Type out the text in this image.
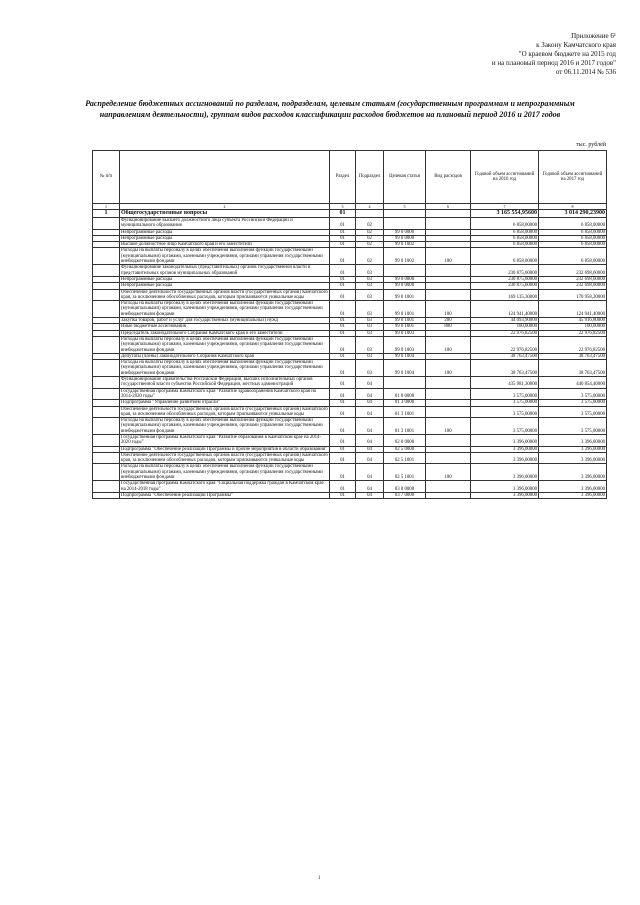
Приложение 6¹
к Закону Камчатского края
"О краевом бюджете на 2015 год
и на плановый период 2016 и 2017 годов"
от 06.11.2014 № 536
Распределение бюджетных ассигнований по разделам, подразделам, целевым статьям (государственным программам и непрограммным направлениям деятельности), группам видов расходов классификации расходов бюджетов на плановый период 2016 и 2017 годов
тыс. рублей
№ п/п		Раздел	Подраздел	Целевая статья	Вид расходов	Годовой объем ассигнований на 2016 год	Годовой объем ассигнований на 2017 год
1	2	3	4	5	6	7	8
1	Общегосударственные вопросы	01				3 165 554,95600	3 014 290,23900
	Функционирование высшего должностного лица субъекта Российской Федерации и муниципального образования	01	02			6 858,00000	6 858,00000
	Непрограммные расходы	01	02	99 0 0000		6 858,00000	6 858,00000
	Непрограммные расходы	01	02	99 0 0000		6 858,00000	6 858,00000
	Высшее должностное лицо Камчатского края и его заместители	01	02	99 0 1002		6 858,00000	6 858,00000
	Расходы на выплаты персоналу в целях обеспечения выполнения функций государственными (муниципальными) органами, казенными учреждениями, органами управления государственными внебюджетными фондами	01	02	99 0 1002	100	6 858,00000	6 858,00000
	Функционирование законодательных (представительных) органов государственной власти и представительных органов муниципальных образований	01	03			230 875,60000	232 698,60000
	Непрограммные расходы	01	03	99 0 0000		230 875,60000	232 698,60000
	Непрограммные расходы	01	03	99 0 0000		230 875,60000	232 698,60000
	Обеспечение деятельности государственных органов власти (государственных органов) Камчатского края, за исключением обособленных расходов, которым присваиваются уникальные коды	01	03	99 0 1001		169 135,30000	170 958,20000
	Расходы на выплаты персоналу в целях обеспечения выполнения функций государственными (муниципальными) органами, казенными учреждениями, органами управления государственными внебюджетными фондами	01	03	99 0 1001	100	124 941,40000	124 941,40000
	Закупка товаров, работ и услуг для государственных (муниципальных) нужд	01	03	99 0 1001	200	44 093,90000	45 916,80000
	Иные бюджетные ассигнования	01	03	99 0 1001	800	100,00000	100,00000
	Председатель Законодательного Собрания Камчатского края и его заместители	01	03	99 0 1003		22 976,82500	22 976,82500
	Расходы на выплаты персоналу в целях обеспечения выполнения функций государственными (муниципальными) органами, казенными учреждениями, органами управления государственными внебюджетными фондами	01	03	99 0 1003	100	22 976,82500	22 976,82500
	Депутаты (члены) Законодательного Собрания Камчатского края	01	03	99 0 1004		38 763,47500	38 763,47500
	Расходы на выплаты персоналу в целях обеспечения выполнения функций государственными (муниципальными) органами, казенными учреждениями, органами управления государственными внебюджетными фондами	01	03	99 0 1004	100	38 763,47500	38 763,47500
	Функционирование Правительства Российской Федерации, высших исполнительных органов государственной власти субъектов Российской Федерации, местных администраций	01	04			435 981,30000	440 854,40000
	Государственная программа Камчатского края "Развитие здравоохранения Камчатского края на 2014-2020 годы"	01	04	01 0 0000		3 575,00000	3 575,00000
	Подпрограмма "Управление развитием отрасли"	01	04	01 3 0000		3 575,00000	3 575,00000
	Обеспечение деятельности государственных органов власти (государственных органов) Камчатского края, за исключением обособленных расходов, которым присваиваются уникальные коды	01	04	01 3 1001		3 575,00000	3 575,00000
	Расходы на выплаты персоналу в целях обеспечения выполнения функций государственными (муниципальными) органами, казенными учреждениями, органами управления государственными внебюджетными фондами	01	04	01 3 1001	100	3 575,00000	3 575,00000
	Государственная программа Камчатского края "Развитие образования в Камчатском крае на 2014-2020 годы"	01	04	02 0 0000		3 396,00000	3 396,00000
	Подпрограмма "Обеспечение реализации Программы и прочие мероприятия в области образования"	01	04	02 5 0000		3 396,00000	3 396,00000
	Обеспечение деятельности государственных органов власти (государственных органов) Камчатского края, за исключением обособленных расходов, которым присваиваются уникальные коды	01	04	02 5 1001		3 396,00000	3 396,00000
	Расходы на выплаты персоналу в целях обеспечения выполнения функций государственными (муниципальными) органами, казенными учреждениями, органами управления государственными внебюджетными фондами	01	04	02 5 1001	100	3 396,00000	3 396,00000
	Государственная программа Камчатского края "Социальная поддержка граждан в Камчатском крае на 2014-2018 годы"	01	04	03 0 0000		3 396,00000	3 396,00000
	Подпрограмма "Обеспечение реализации Программы"	01	04	03 7 0000		3 396,00000	3 396,00000
1
